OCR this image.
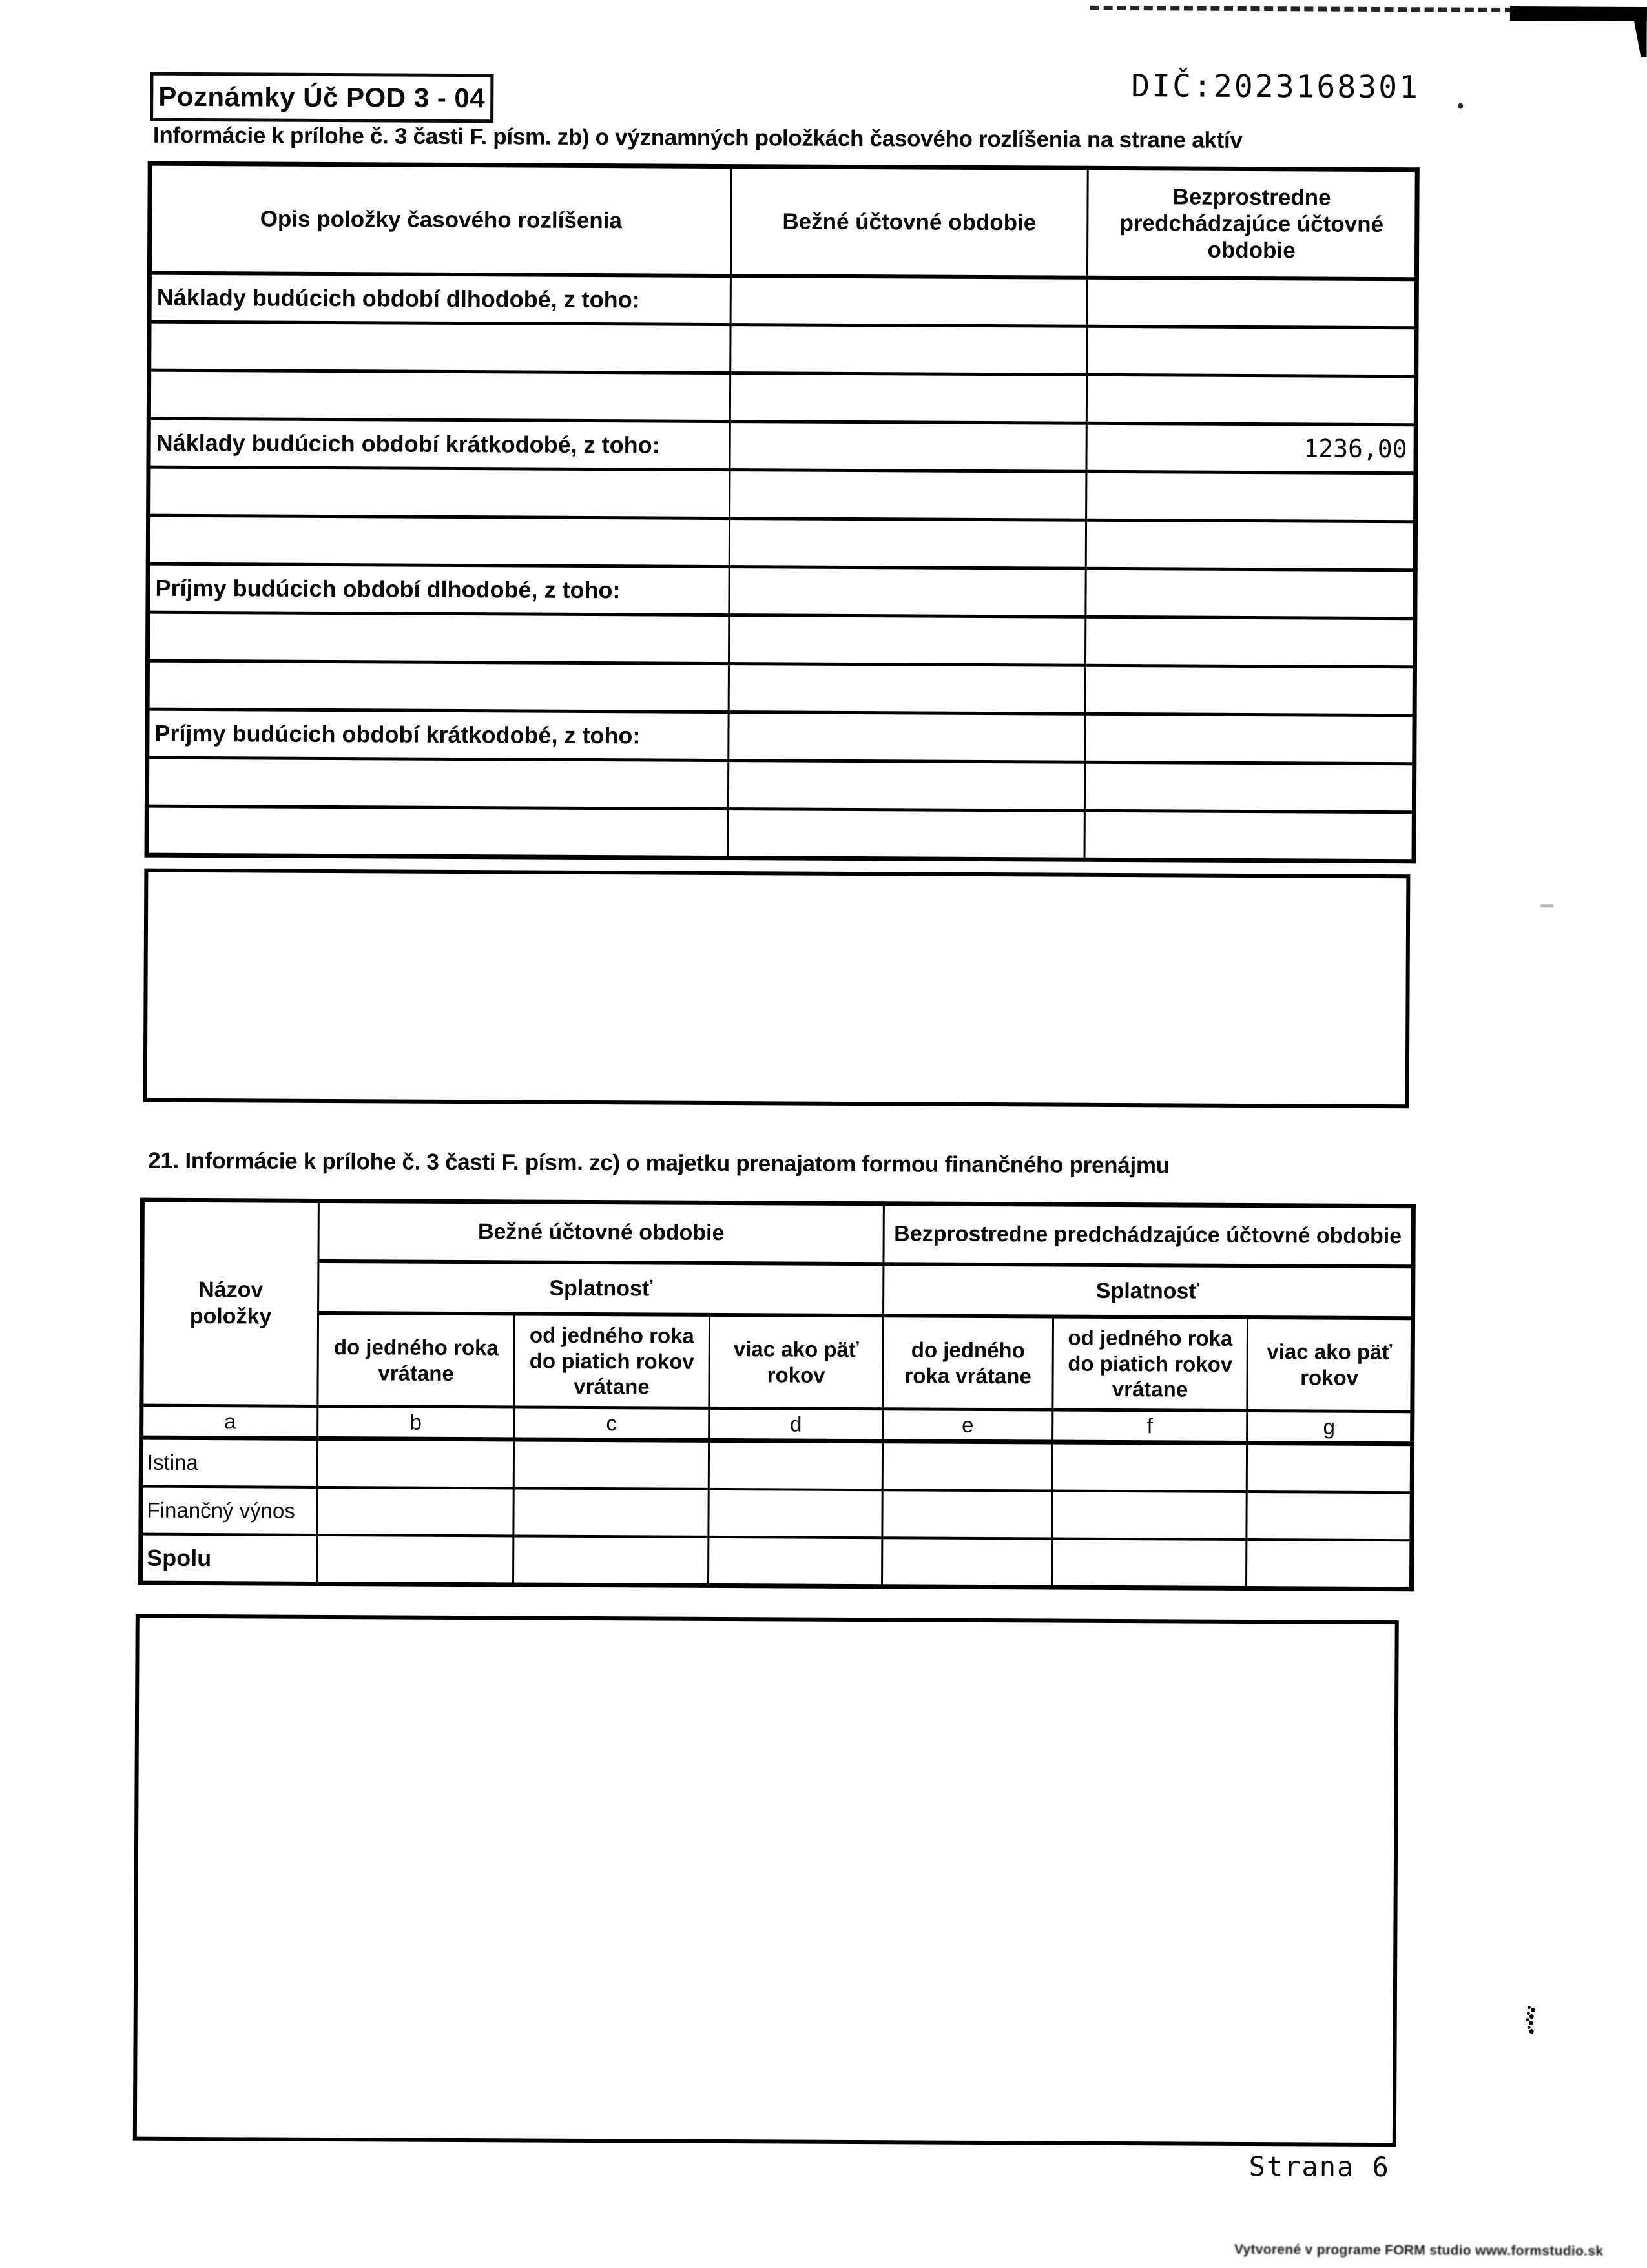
Poznámky Úč POD 3 - 04	DIČ:2023168301
Informácie k prílohe č. 3 časti F. písm. zb) o významných položkách časového rozlíšenia na strane aktív
Opis položky časového rozlíšenia	Bežné účtovné obdobie	Bezprostredne predchádzajúce účtovné obdobie
Náklady budúcich období dlhodobé, z toho:		

Náklady budúcich období krátkodobé, z toho:		1236,00

Príjmy budúcich období dlhodobé, z toho:		

Príjmy budúcich období krátkodobé, z toho:		

21. Informácie k prílohe č. 3 časti F. písm. zc) o majetku prenajatom formou finančného prenájmu
Názov položky	Bežné účtovné obdobie			Bezprostredne predchádzajúce účtovné obdobie		
	Splatnosť			Splatnosť		
	do jedného roka vrátane	od jedného roka do piatich rokov vrátane	viac ako päť rokov	do jedného roka vrátane	od jedného roka do piatich rokov vrátane	viac ako päť rokov
a	b	c	d	e	f	g
Istina						
Finančný výnos						
Spolu						
Strana 6
Vytvorené v programe FORM studio www.formstudio.sk
